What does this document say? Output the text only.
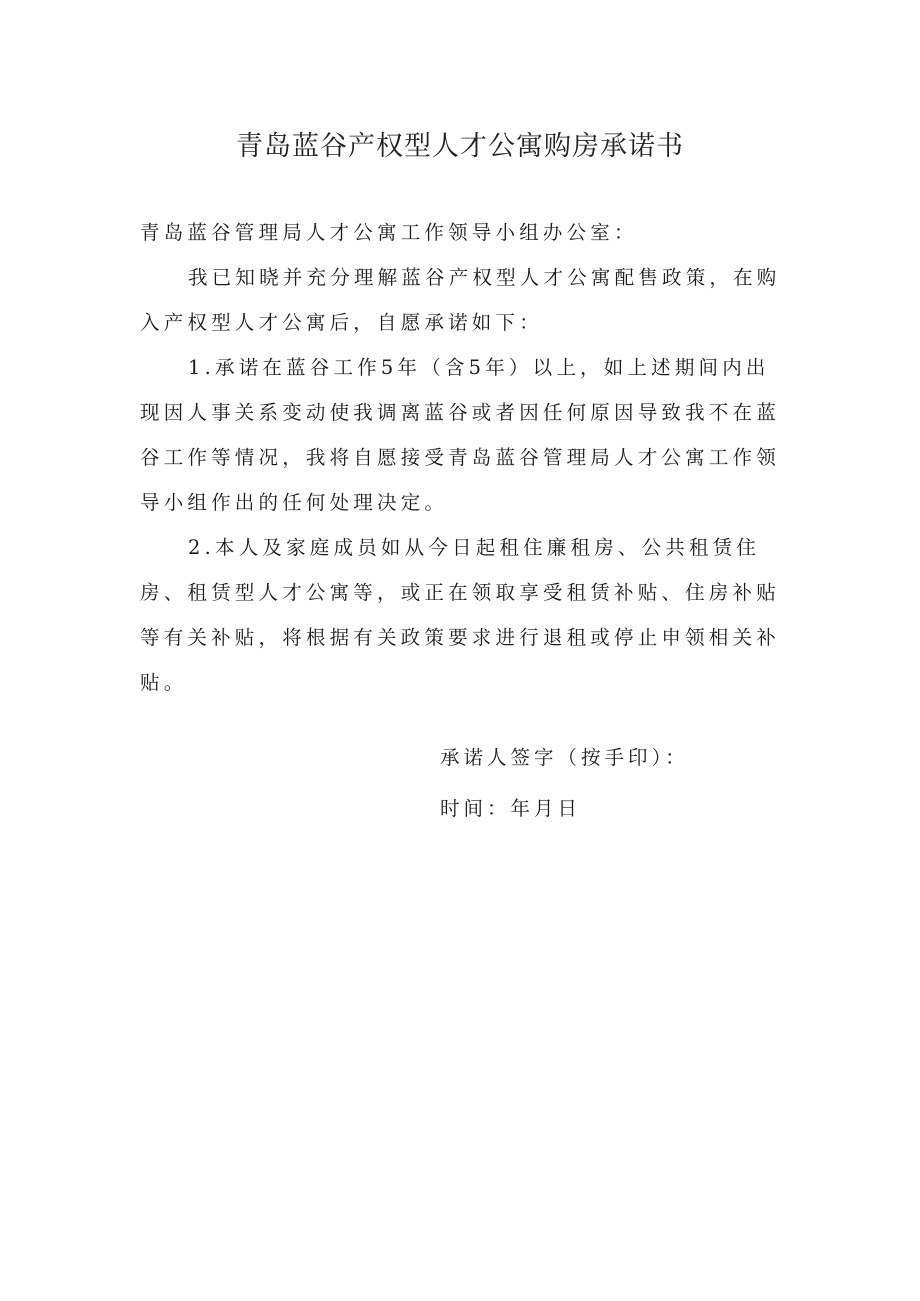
青岛蓝谷产权型人才公寓购房承诺书

青岛蓝谷管理局人才公寓工作领导小组办公室：

我已知晓并充分理解蓝谷产权型人才公寓配售政策，在购入产权型人才公寓后，自愿承诺如下：

1.承诺在蓝谷工作5年（含5年）以上，如上述期间内出现因人事关系变动使我调离蓝谷或者因任何原因导致我不在蓝谷工作等情况，我将自愿接受青岛蓝谷管理局人才公寓工作领导小组作出的任何处理决定。

2.本人及家庭成员如从今日起租住廉租房、公共租赁住房、租赁型人才公寓等，或正在领取享受租赁补贴、住房补贴等有关补贴，将根据有关政策要求进行退租或停止申领相关补贴。

承诺人签字（按手印）：
时间：年月日
